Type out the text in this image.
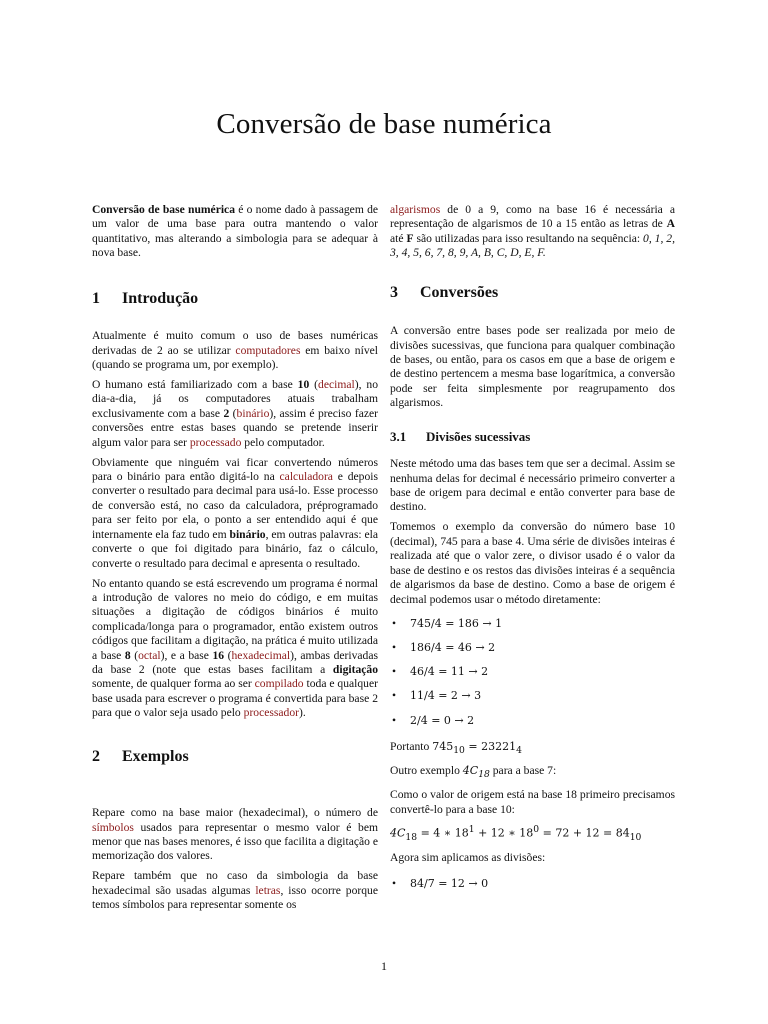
Conversão de base numérica

Conversão de base numérica é o nome dado à passagem de um valor de uma base para outra mantendo o valor quantitativo, mas alterando a simbologia para se adequar à nova base.

1 Introdução

Atualmente é muito comum o uso de bases numéricas derivadas de 2 ao se utilizar computadores em baixo nível (quando se programa um, por exemplo).

O humano está familiarizado com a base 10 (decimal), no dia-a-dia, já os computadores atuais trabalham exclusivamente com a base 2 (binário), assim é preciso fazer conversões entre estas bases quando se pretende inserir algum valor para ser processado pelo computador.

Obviamente que ninguém vai ficar convertendo números para o binário para então digitá-lo na calculadora e depois converter o resultado para decimal para usá-lo. Esse processo de conversão está, no caso da calculadora, préprogramado para ser feito por ela, o ponto a ser entendido aqui é que internamente ela faz tudo em binário, em outras palavras: ela converte o que foi digitado para binário, faz o cálculo, converte o resultado para decimal e apresenta o resultado.

No entanto quando se está escrevendo um programa é normal a introdução de valores no meio do código, e em muitas situações a digitação de códigos binários é muito complicada/longa para o programador, então existem outros códigos que facilitam a digitação, na prática é muito utilizada a base 8 (octal), e a base 16 (hexadecimal), ambas derivadas da base 2 (note que estas bases facilitam a digitação somente, de qualquer forma ao ser compilado toda e qualquer base usada para escrever o programa é convertida para base 2 para que o valor seja usado pelo processador).

2 Exemplos

Repare como na base maior (hexadecimal), o número de símbolos usados para representar o mesmo valor é bem menor que nas bases menores, é isso que facilita a digitação e memorização dos valores.

Repare também que no caso da simbologia da base hexadecimal são usadas algumas letras, isso ocorre porque temos símbolos para representar somente os

algarismos de 0 a 9, como na base 16 é necessária a representação de algarismos de 10 a 15 então as letras de A até F são utilizadas para isso resultando na sequência: 0, 1, 2, 3, 4, 5, 6, 7, 8, 9, A, B, C, D, E, F.

3 Conversões

A conversão entre bases pode ser realizada por meio de divisões sucessivas, que funciona para qualquer combinação de bases, ou então, para os casos em que a base de origem e de destino pertencem a mesma base logarítmica, a conversão pode ser feita simplesmente por reagrupamento dos algarismos.

3.1 Divisões sucessivas

Neste método uma das bases tem que ser a decimal. Assim se nenhuma delas for decimal é necessário primeiro converter a base de origem para decimal e então converter para base de destino.

Tomemos o exemplo da conversão do número base 10 (decimal), 745 para a base 4. Uma série de divisões inteiras é realizada até que o valor zere, o divisor usado é o valor da base de destino e os restos das divisões inteiras é a sequência de algarismos da base de destino. Como a base de origem é decimal podemos usar o método diretamente:

• 745/4 = 186 → 1
• 186/4 = 46 → 2
• 46/4 = 11 → 2
• 11/4 = 2 → 3
• 2/4 = 0 → 2

Portanto $745_{10} = 23221_4$

Outro exemplo $4C_{18}$ para a base 7:

Como o valor de origem está na base 18 primeiro precisamos convertê-lo para a base 10:

$4C_{18} = 4$ ∗ $18^1 + 12$ ∗ $18^0 = 72 + 12 = 84_{10}$

Agora sim aplicamos as divisões:

• 84/7 = 12 → 0
1
